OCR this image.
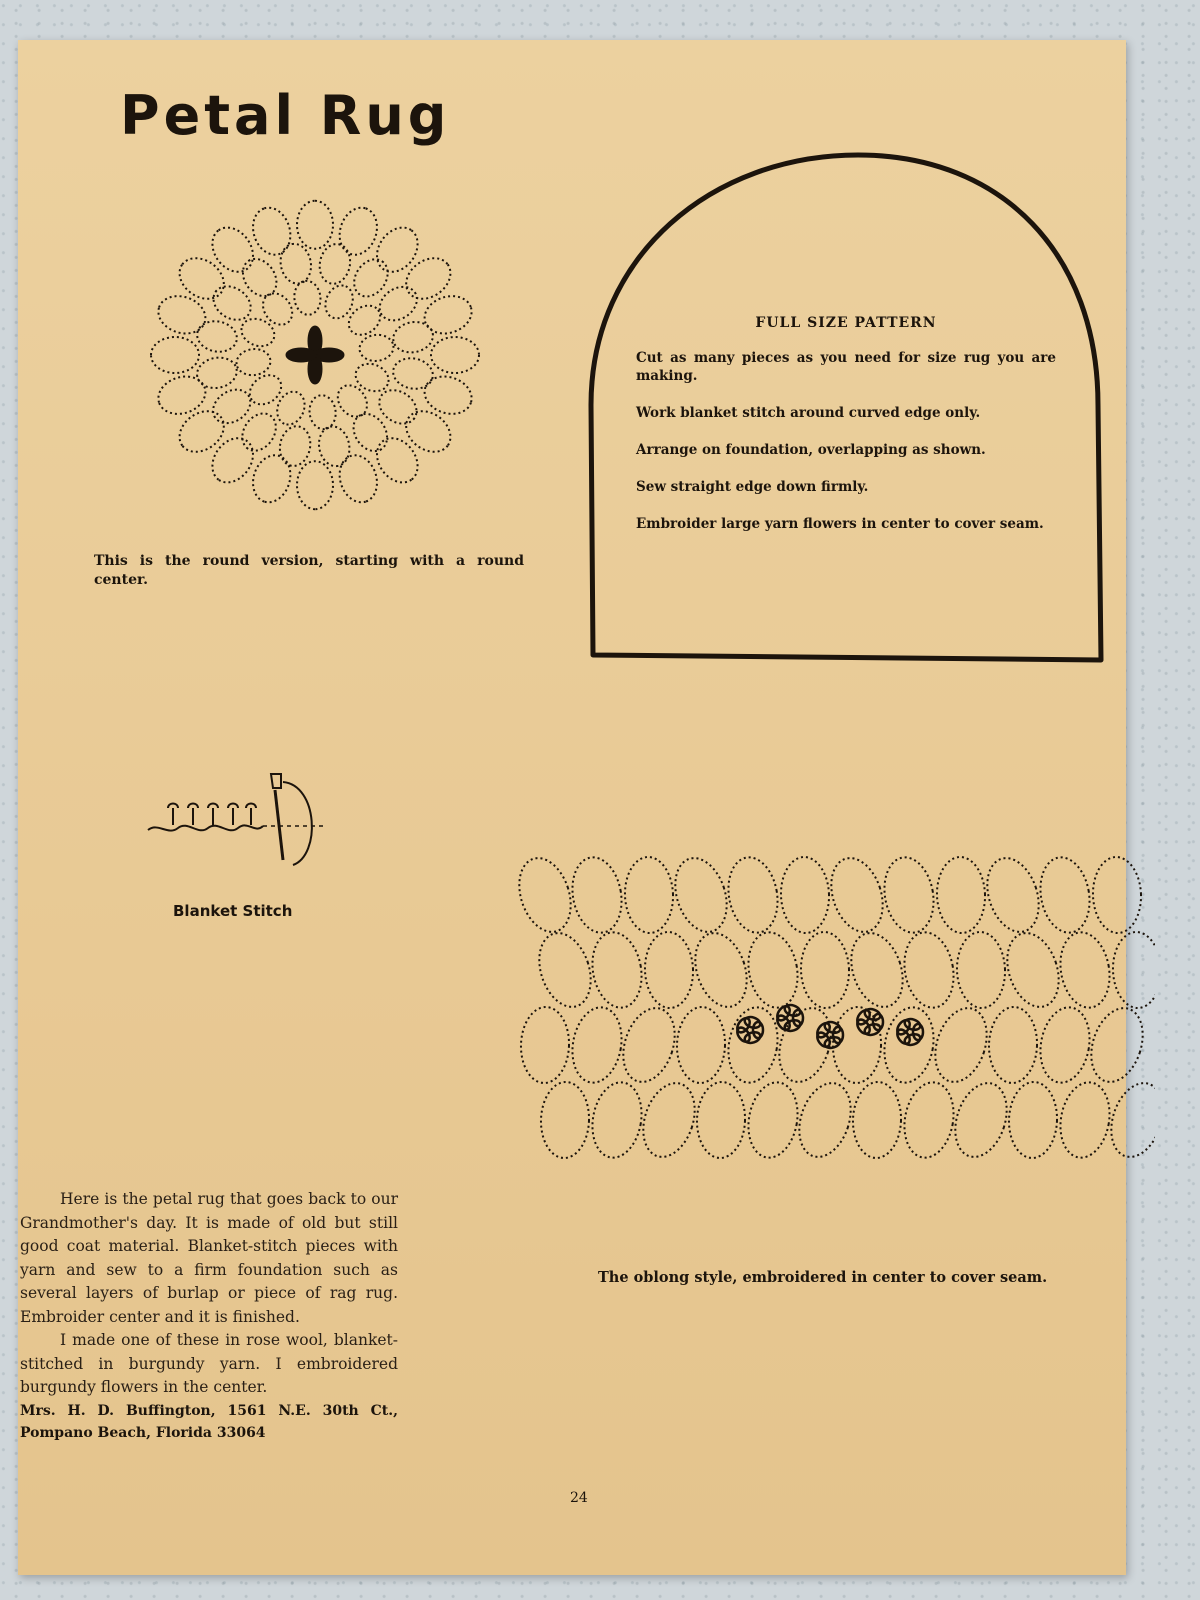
Petal Rug
This is the round version, starting with a round center.

FULL SIZE PATTERN

Cut as many pieces as you need for size rug you are making.

Work blanket stitch around curved edge only.

Arrange on foundation, overlapping as shown.

Sew straight edge down firmly.

Embroider large yarn flowers in center to cover seam.

Blanket Stitch
The oblong style, embroidered in center to cover seam.

Here is the petal rug that goes back to our Grandmother's day. It is made of old but still good coat material. Blanket-stitch pieces with yarn and sew to a firm foundation such as several layers of burlap or piece of rag rug. Embroider center and it is finished.

I made one of these in rose wool, blanket-stitched in burgundy yarn. I embroidered burgundy flowers in the center.

Mrs. H. D. Buffington, 1561 N.E. 30th Ct., Pompano Beach, Florida 33064

24
